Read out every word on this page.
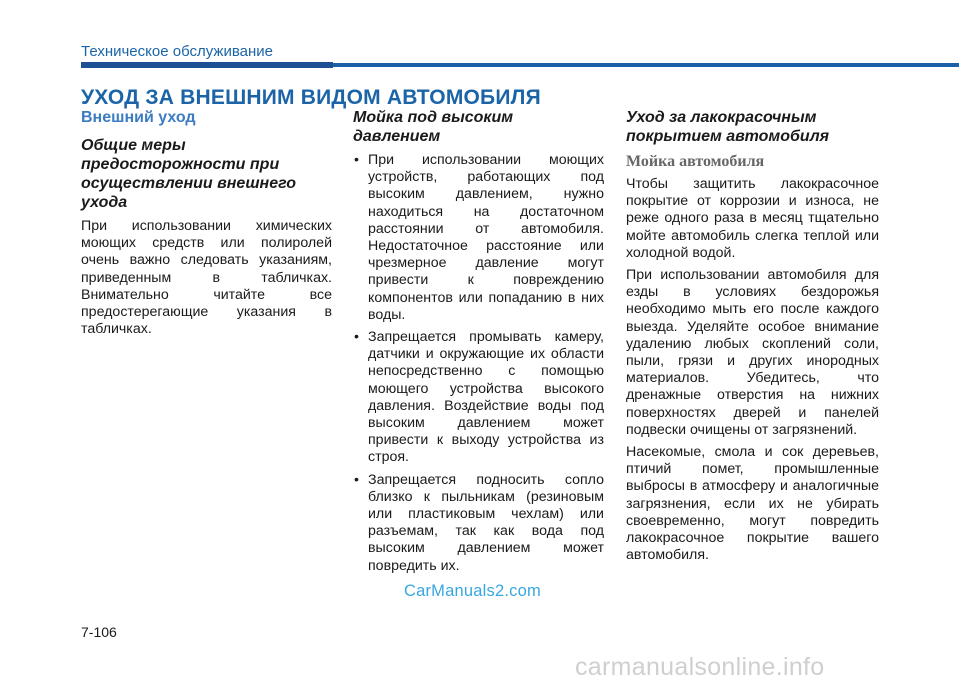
Техническое обслуживание
УХОД ЗА ВНЕШНИМ ВИДОМ АВТОМОБИЛЯ
Внешний уход
Общие меры предосторожности при осуществлении внешнего ухода

При использовании химических моющих средств или полиролей очень важно следовать указаниям, приведенным в табличках. Внимательно читайте все предостерегающие указания в табличках.

Мойка под высоким давлением
• При использовании моющих устройств, работающих под высоким давлением, нужно находиться на достаточном расстоянии от автомобиля. Недостаточное расстояние или чрезмерное давление могут привести к повреждению компонентов или попаданию в них воды.
• Запрещается промывать камеру, датчики и окружающие их области непосредственно с помощью моющего устройства высокого давления. Воздействие воды под высоким давлением может привести к выходу устройства из строя.
• Запрещается подносить сопло близко к пыльникам (резиновым или пластиковым чехлам) или разъемам, так как вода под высоким давлением может повредить их.
Уход за лакокрасочным покрытием автомобиля
Мойка автомобиля

Чтобы защитить лакокрасочное покрытие от коррозии и износа, не реже одного раза в месяц тщательно мойте автомобиль слегка теплой или холодной водой.

При использовании автомобиля для езды в условиях бездорожья необходимо мыть его после каждого выезда. Уделяйте особое внимание удалению любых скоплений соли, пыли, грязи и других инородных материалов. Убедитесь, что дренажные отверстия на нижних поверхностях дверей и панелей подвески очищены от загрязнений.

Насекомые, смола и сок деревьев, птичий помет, промышленные выбросы в атмосферу и аналогичные загрязнения, если их не убирать своевременно, могут повредить лакокрасочное покрытие вашего автомобиля.

CarManuals2.com
7-106
carmanualsonline.info
